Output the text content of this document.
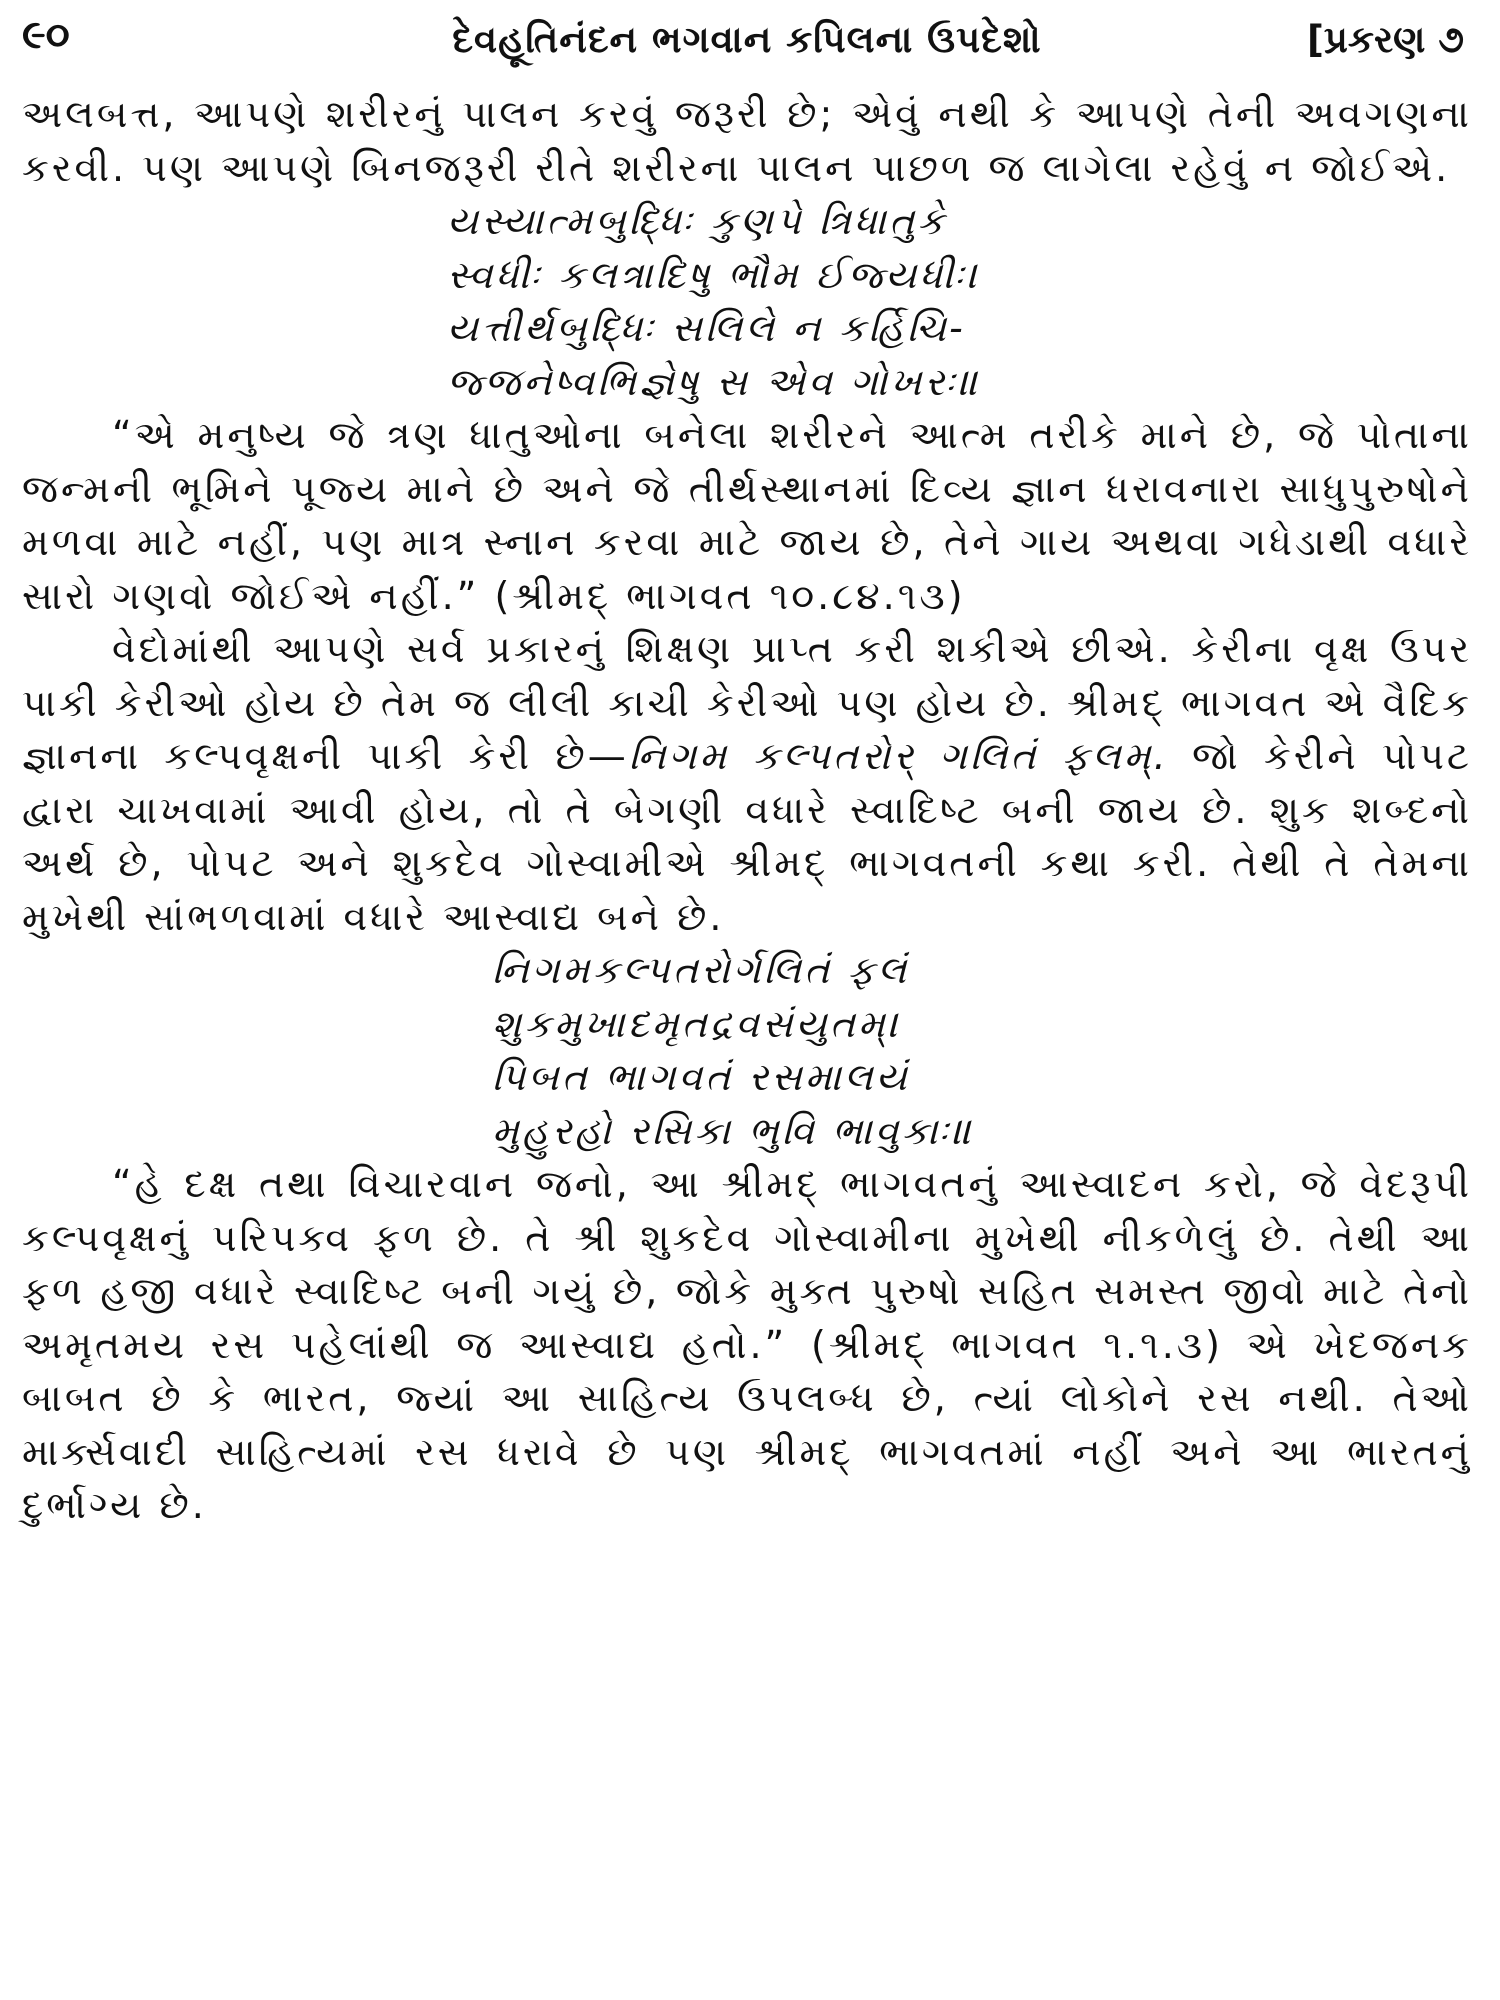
૯૦	દેવહૂતિનંદન ભગવાન કપિલના ઉપદેશો	[પ્રકરણ ૭

અલબત્ત, આપણે શરીરનું પાલન કરવું જરૂરી છે; એવું નથી કે આપણે તેની અવગણના કરવી. પણ આપણે બિનજરૂરી રીતે શરીરના પાલન પાછળ જ લાગેલા રહેવું ન જોઈએ.

યસ્યાત્મબુદ્ધિઃ કુણપે ત્રિધાતુકે
સ્વધીઃ કલત્રાદિષુ ભૌમ ઈજ્યધીઃ।
યત્તીર્થબુદ્ધિઃ સલિલે ન કર્હિચિ-
જ્જનેષ્વભિજ્ઞેષુ સ એવ ગોખરઃ॥

“એ મનુષ્ય જે ત્રણ ધાતુઓના બનેલા શરીરને આત્મ તરીકે માને છે, જે પોતાના જન્મની ભૂમિને પૂજ્ય માને છે અને જે તીર્થસ્થાનમાં દિવ્ય જ્ઞાન ધરાવનારા સાધુપુરુષોને મળવા માટે નહીં, પણ માત્ર સ્નાન કરવા માટે જાય છે, તેને ગાય અથવા ગધેડાથી વધારે સારો ગણવો જોઈએ નહીં.” (શ્રીમદ્ ભાગવત ૧૦.૮૪.૧૩)

વેદોમાંથી આપણે સર્વ પ્રકારનું શિક્ષણ પ્રાપ્ત કરી શકીએ છીએ. કેરીના વૃક્ષ ઉપર પાકી કેરીઓ હોય છે તેમ જ લીલી કાચી કેરીઓ પણ હોય છે. શ્રીમદ્ ભાગવત એ વૈદિક જ્ઞાનના કલ્પવૃક્ષની પાકી કેરી છે—નિગમ કલ્પતરોર્ ગલિતં ફલમ્. જો કેરીને પોપટ દ્વારા ચાખવામાં આવી હોય, તો તે બેગણી વધારે સ્વાદિષ્ટ બની જાય છે. શુક શબ્દનો અર્થ છે, પોપટ અને શુકદેવ ગોસ્વામીએ શ્રીમદ્ ભાગવતની કથા કરી. તેથી તે તેમના મુખેથી સાંભળવામાં વધારે આસ્વાદ્ય બને છે.

નિગમકલ્પતરોર્ગલિતં ફલં
શુકમુખાદમૃતદ્રવસંયુતમ્।
પિબત ભાગવતં રસમાલયં
મુહુરહો રસિકા ભુવિ ભાવુકાઃ॥

“હે દક્ષ તથા વિચારવાન જનો, આ શ્રીમદ્ ભાગવતનું આસ્વાદન કરો, જે વેદરૂપી કલ્પવૃક્ષનું પરિપક્વ ફળ છે. તે શ્રી શુકદેવ ગોસ્વામીના મુખેથી નીકળેલું છે. તેથી આ ફળ હજી વધારે સ્વાદિષ્ટ બની ગયું છે, જોકે મુક્ત પુરુષો સહિત સમસ્ત જીવો માટે તેનો અમૃતમય રસ પહેલાંથી જ આસ્વાદ્ય હતો.” (શ્રીમદ્ ભાગવત ૧.૧.૩) એ ખેદજનક બાબત છે કે ભારત, જ્યાં આ સાહિત્ય ઉપલબ્ધ છે, ત્યાં લોકોને રસ નથી. તેઓ માર્ક્સવાદી સાહિત્યમાં રસ ધરાવે છે પણ શ્રીમદ્ ભાગવતમાં નહીં અને આ ભારતનું દુર્ભાગ્ય છે.
